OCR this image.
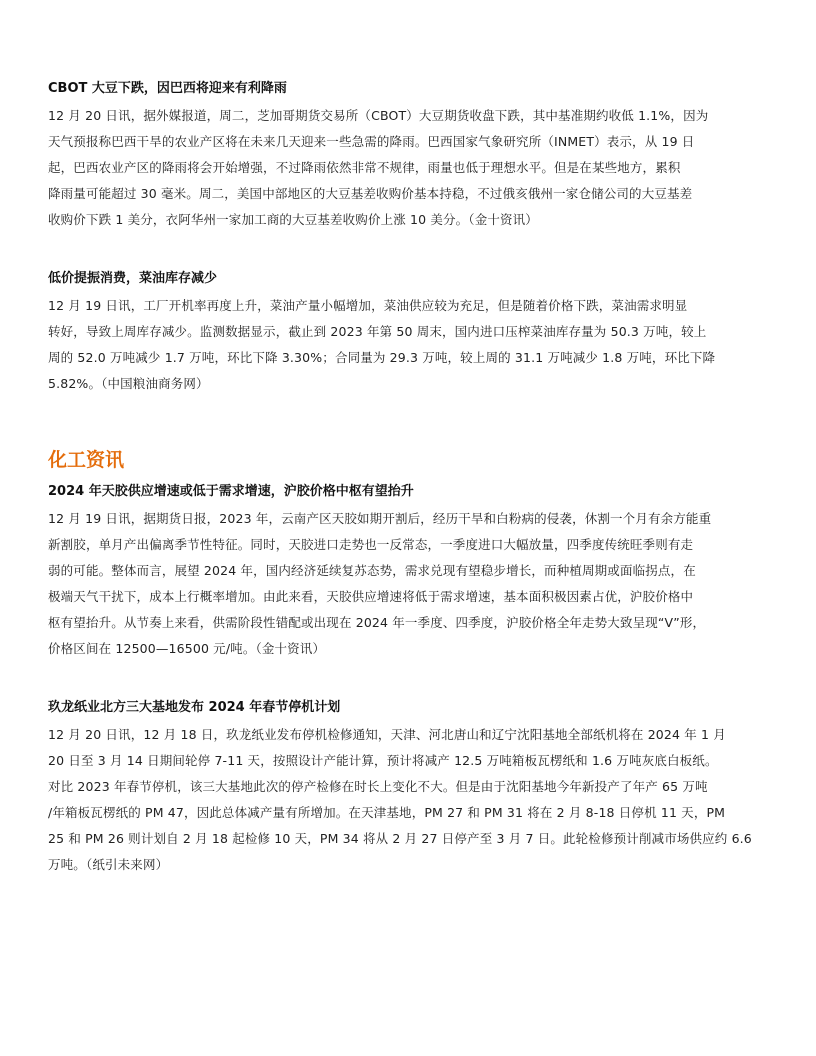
CBOT 大豆下跌，因巴西将迎来有利降雨
12 月 20 日讯，据外媒报道，周二，芝加哥期货交易所（CBOT）大豆期货收盘下跌，其中基准期约收低 1.1%，因为
天气预报称巴西干旱的农业产区将在未来几天迎来一些急需的降雨。巴西国家气象研究所（INMET）表示，从 19 日
起，巴西农业产区的降雨将会开始增强，不过降雨依然非常不规律，雨量也低于理想水平。但是在某些地方，累积
降雨量可能超过 30 毫米。周二，美国中部地区的大豆基差收购价基本持稳，不过俄亥俄州一家仓储公司的大豆基差
收购价下跌 1 美分，衣阿华州一家加工商的大豆基差收购价上涨 10 美分。（金十资讯）
低价提振消费，菜油库存减少
12 月 19 日讯，工厂开机率再度上升，菜油产量小幅增加，菜油供应较为充足，但是随着价格下跌，菜油需求明显
转好，导致上周库存减少。监测数据显示，截止到 2023 年第 50 周末，国内进口压榨菜油库存量为 50.3 万吨，较上
周的 52.0 万吨减少 1.7 万吨，环比下降 3.30%；合同量为 29.3 万吨，较上周的 31.1 万吨减少 1.8 万吨，环比下降
5.82%。（中国粮油商务网）
化工资讯
2024 年天胶供应增速或低于需求增速，沪胶价格中枢有望抬升
12 月 19 日讯，据期货日报，2023 年，云南产区天胶如期开割后，经历干旱和白粉病的侵袭，休割一个月有余方能重
新割胶，单月产出偏离季节性特征。同时，天胶进口走势也一反常态，一季度进口大幅放量，四季度传统旺季则有走
弱的可能。整体而言，展望 2024 年，国内经济延续复苏态势，需求兑现有望稳步增长，而种植周期或面临拐点，在
极端天气干扰下，成本上行概率增加。由此来看，天胶供应增速将低于需求增速，基本面积极因素占优，沪胶价格中
枢有望抬升。从节奏上来看，供需阶段性错配或出现在 2024 年一季度、四季度，沪胶价格全年走势大致呈现“V”形，
价格区间在 12500—16500 元/吨。（金十资讯）
玖龙纸业北方三大基地发布 2024 年春节停机计划
12 月 20 日讯，12 月 18 日，玖龙纸业发布停机检修通知，天津、河北唐山和辽宁沈阳基地全部纸机将在 2024 年 1 月
20 日至 3 月 14 日期间轮停 7-11 天，按照设计产能计算，预计将减产 12.5 万吨箱板瓦楞纸和 1.6 万吨灰底白板纸。
对比 2023 年春节停机，该三大基地此次的停产检修在时长上变化不大。但是由于沈阳基地今年新投产了年产 65 万吨
/年箱板瓦楞纸的 PM 47，因此总体减产量有所增加。在天津基地，PM 27 和 PM 31 将在 2 月 8-18 日停机 11 天，PM
25 和 PM 26 则计划自 2 月 18 起检修 10 天，PM 34 将从 2 月 27 日停产至 3 月 7 日。此轮检修预计削减市场供应约 6.6
万吨。（纸引未来网）
